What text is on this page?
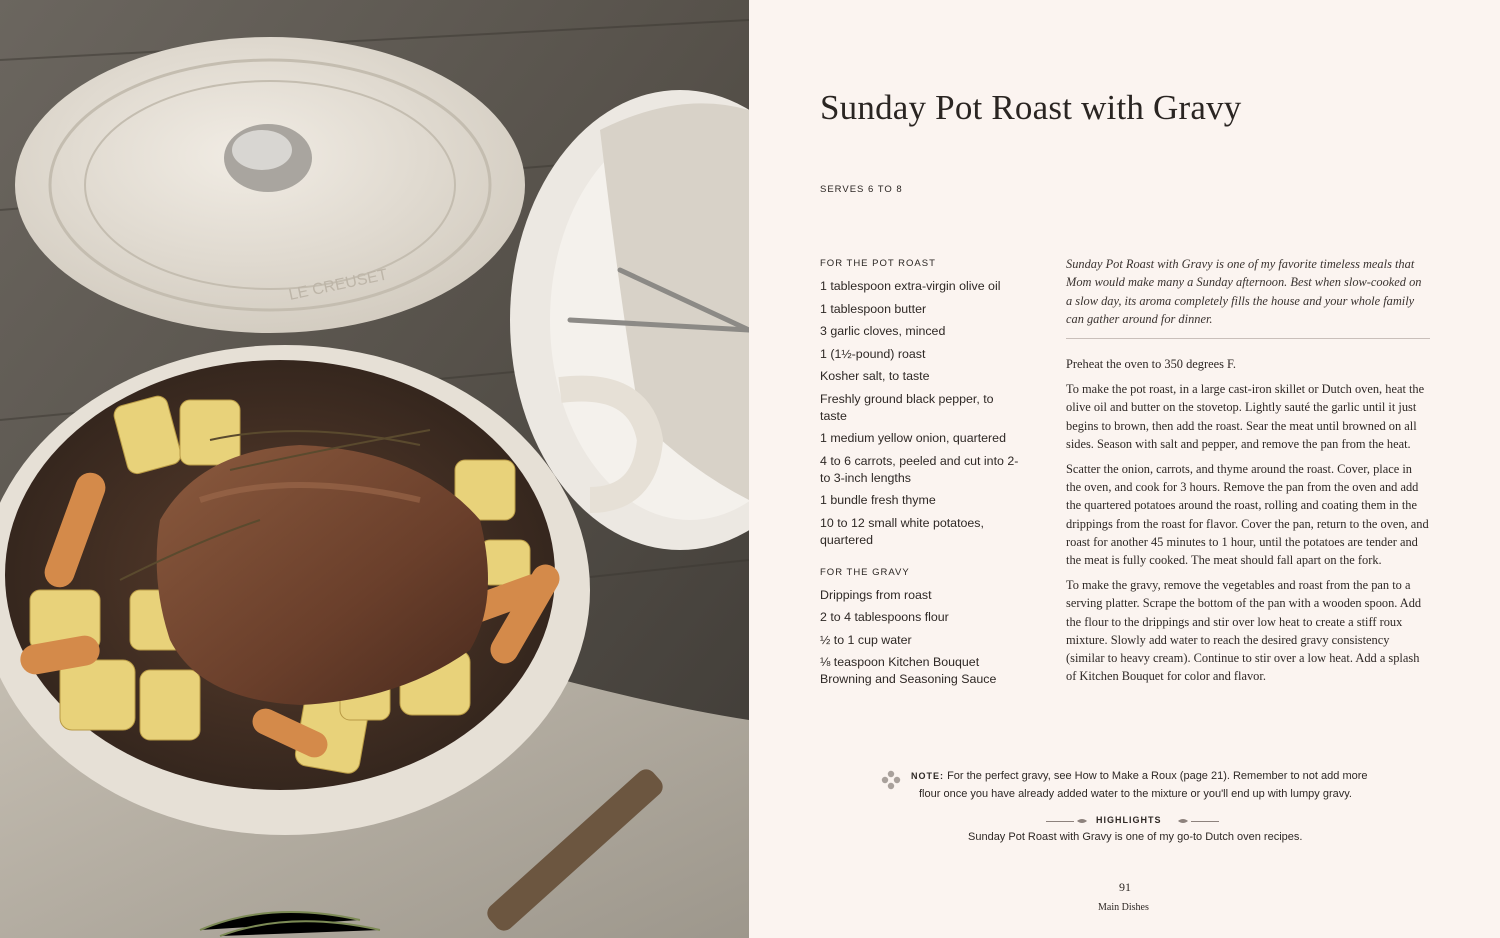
LE CREUSET
Sunday Pot Roast with Gravy
SERVES 6 TO 8
FOR THE POT ROAST
1 tablespoon extra-virgin olive oil
1 tablespoon butter
3 garlic cloves, minced
1 (1½-pound) roast
Kosher salt, to taste
Freshly ground black pepper, to taste
1 medium yellow onion, quartered
4 to 6 carrots, peeled and cut into 2- to 3-inch lengths
1 bundle fresh thyme
10 to 12 small white potatoes, quartered
FOR THE GRAVY
Drippings from roast
2 to 4 tablespoons flour
½ to 1 cup water
⅛ teaspoon Kitchen Bouquet Browning and Seasoning Sauce
Sunday Pot Roast with Gravy is one of my favorite timeless meals that Mom would make many a Sunday afternoon. Best when slow-cooked on a slow day, its aroma completely fills the house and your whole family can gather around for dinner.

Preheat the oven to 350 degrees F.

To make the pot roast, in a large cast-iron skillet or Dutch oven, heat the olive oil and butter on the stovetop. Lightly sauté the garlic until it just begins to brown, then add the roast. Sear the meat until browned on all sides. Season with salt and pepper, and remove the pan from the heat.

Scatter the onion, carrots, and thyme around the roast. Cover, place in the oven, and cook for 3 hours. Remove the pan from the oven and add the quartered potatoes around the roast, rolling and coating them in the drippings from the roast for flavor. Cover the pan, return to the oven, and roast for another 45 minutes to 1 hour, until the potatoes are tender and the meat is fully cooked. The meat should fall apart on the fork.

To make the gravy, remove the vegetables and roast from the pan to a serving platter. Scrape the bottom of the pan with a wooden spoon. Add the flour to the drippings and stir over low heat to create a stiff roux mixture. Slowly add water to reach the desired gravy consistency (similar to heavy cream). Continue to stir over a low heat. Add a splash of Kitchen Bouquet for color and flavor.

NOTE: For the perfect gravy, see How to Make a Roux (page 21). Remember to not add more
flour once you have already added water to the mixture or you'll end up with lumpy gravy.
HIGHLIGHTS
Sunday Pot Roast with Gravy is one of my go-to Dutch oven recipes.
91
Main Dishes
